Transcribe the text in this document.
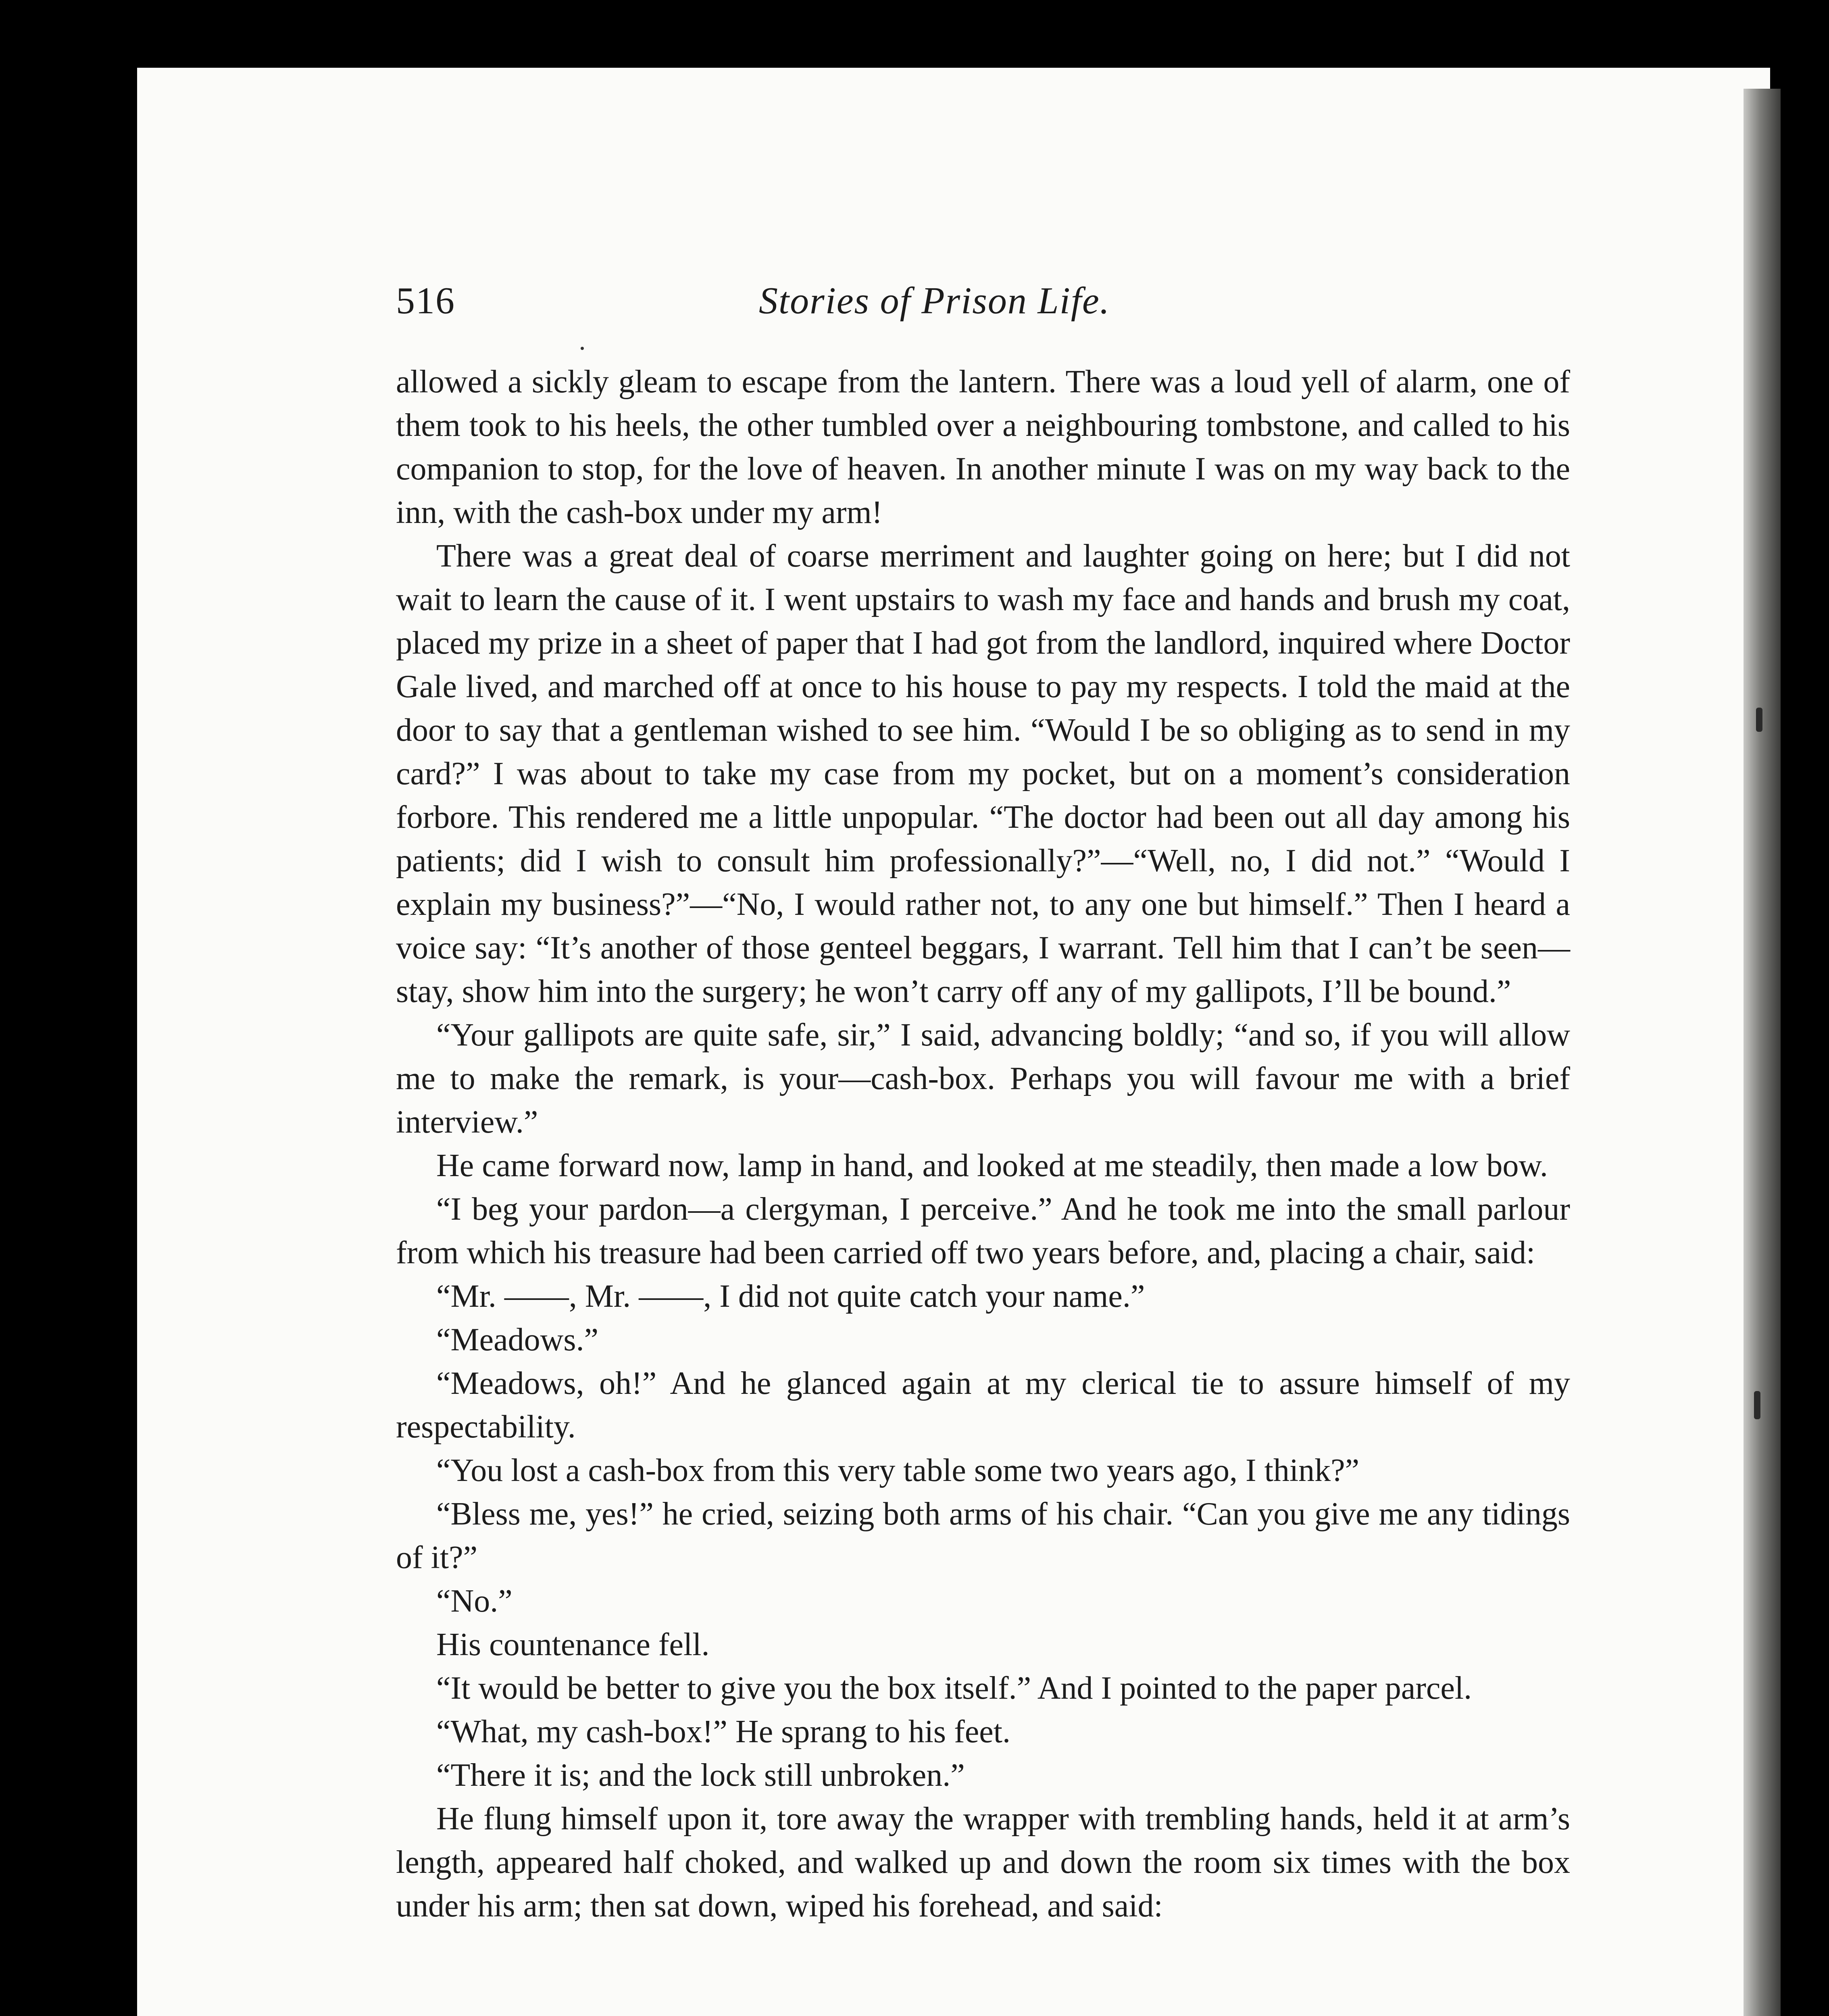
516	Stories of Prison Life.

allowed a sickly gleam to escape from the lantern. There was a loud yell of alarm, one of them took to his heels, the other tumbled over a neighbouring tombstone, and called to his companion to stop, for the love of heaven. In another minute I was on my way back to the inn, with the cash-box under my arm!

There was a great deal of coarse merriment and laughter going on here; but I did not wait to learn the cause of it. I went upstairs to wash my face and hands and brush my coat, placed my prize in a sheet of paper that I had got from the landlord, inquired where Doctor Gale lived, and marched off at once to his house to pay my respects. I told the maid at the door to say that a gentleman wished to see him. “Would I be so obliging as to send in my card?” I was about to take my case from my pocket, but on a moment’s consideration forbore. This rendered me a little unpopular. “The doctor had been out all day among his patients; did I wish to consult him professionally?”—“Well, no, I did not.” “Would I explain my business?”—“No, I would rather not, to any one but himself.” Then I heard a voice say: “It’s another of those genteel beggars, I warrant. Tell him that I can’t be seen—stay, show him into the surgery; he won’t carry off any of my gallipots, I’ll be bound.”

“Your gallipots are quite safe, sir,” I said, advancing boldly; “and so, if you will allow me to make the remark, is your—cash-box. Perhaps you will favour me with a brief interview.”

He came forward now, lamp in hand, and looked at me steadily, then made a low bow.

“I beg your pardon—a clergyman, I perceive.” And he took me into the small parlour from which his treasure had been carried off two years before, and, placing a chair, said:

“Mr. ——, Mr. ——, I did not quite catch your name.”

“Meadows.”

“Meadows, oh!” And he glanced again at my clerical tie to assure himself of my respectability.

“You lost a cash-box from this very table some two years ago, I think?”

“Bless me, yes!” he cried, seizing both arms of his chair. “Can you give me any tidings of it?”

“No.”

His countenance fell.

“It would be better to give you the box itself.” And I pointed to the paper parcel.

“What, my cash-box!” He sprang to his feet.

“There it is; and the lock still unbroken.”

He flung himself upon it, tore away the wrapper with trembling hands, held it at arm’s length, appeared half choked, and walked up and down the room six times with the box under his arm; then sat down, wiped his forehead, and said:
